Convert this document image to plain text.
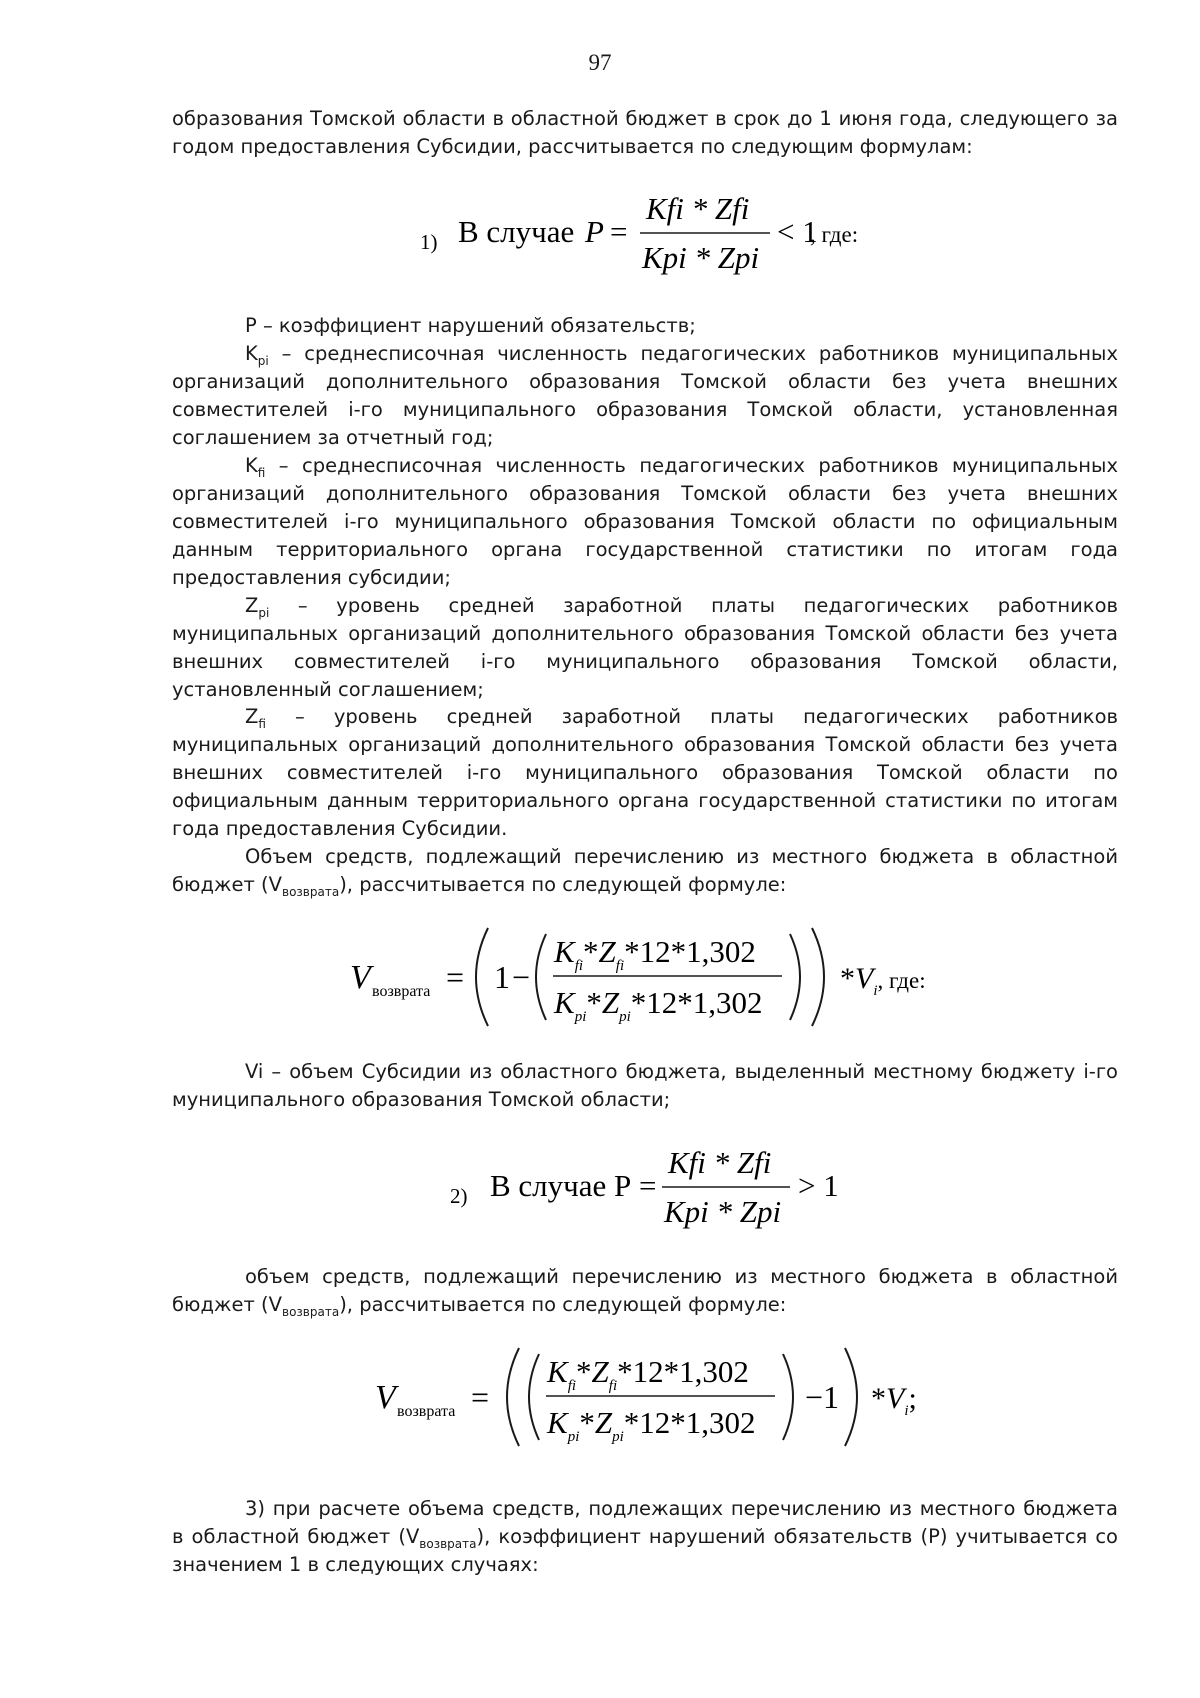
97

образования Томской области в областной бюджет в срок до 1 июня года, следующего за годом предоставления Субсидии, рассчитывается по следующим формулам:

1) В случае P =
Kfi * Zfi
Kpi * Zpi
< 1
, где:

P – коэффициент нарушений обязательств;

$K_{pi}$ – среднесписочная численность педагогических работников муниципальных организаций дополнительного образования Томской области без учета внешних совместителей i-го муниципального образования Томской области, установленная соглашением за отчетный год;

$K_{fi}$ – среднесписочная численность педагогических работников муниципальных организаций дополнительного образования Томской области без учета внешних совместителей i-го муниципального образования Томской области по официальным данным территориального органа государственной статистики по итогам года предоставления субсидии;

$Z_{pi}$ – уровень средней заработной платы педагогических работников муниципальных организаций дополнительного образования Томской области без учета внешних совместителей i-го муниципального образования Томской области, установленный соглашением;

$Z_{fi}$ – уровень средней заработной платы педагогических работников муниципальных организаций дополнительного образования Томской области без учета внешних совместителей i-го муниципального образования Томской области по официальным данным территориального органа государственной статистики по итогам года предоставления Субсидии.

Объем средств, подлежащий перечислению из местного бюджета в областной бюджет $(V_{возврата})$, рассчитывается по следующей формуле:

V возврата = 1 −
$K_{fi}*Z_{fi}*12*1,302$
$K_{pi}*Z_{pi}*12*1,302$
$*V_i^{, где:}$

Vi – объем Субсидии из областного бюджета, выделенный местному бюджету i-го муниципального образования Томской области;

2) В случае Р =
Kfi * Zfi
Kpi * Zpi
> 1

объем средств, подлежащий перечислению из местного бюджета в областной бюджет $(V_{возврата})$, рассчитывается по следующей формуле:

V возврата =
$K_{fi}*Z_{fi}*12*1,302$
$K_{pi}*Z_{pi}*12*1,302$
−1 $*V_i$;

3) при расчете объема средств, подлежащих перечислению из местного бюджета в областной бюджет $(V_{возврата})$, коэффициент нарушений обязательств (Р) учитывается со значением 1 в следующих случаях:
